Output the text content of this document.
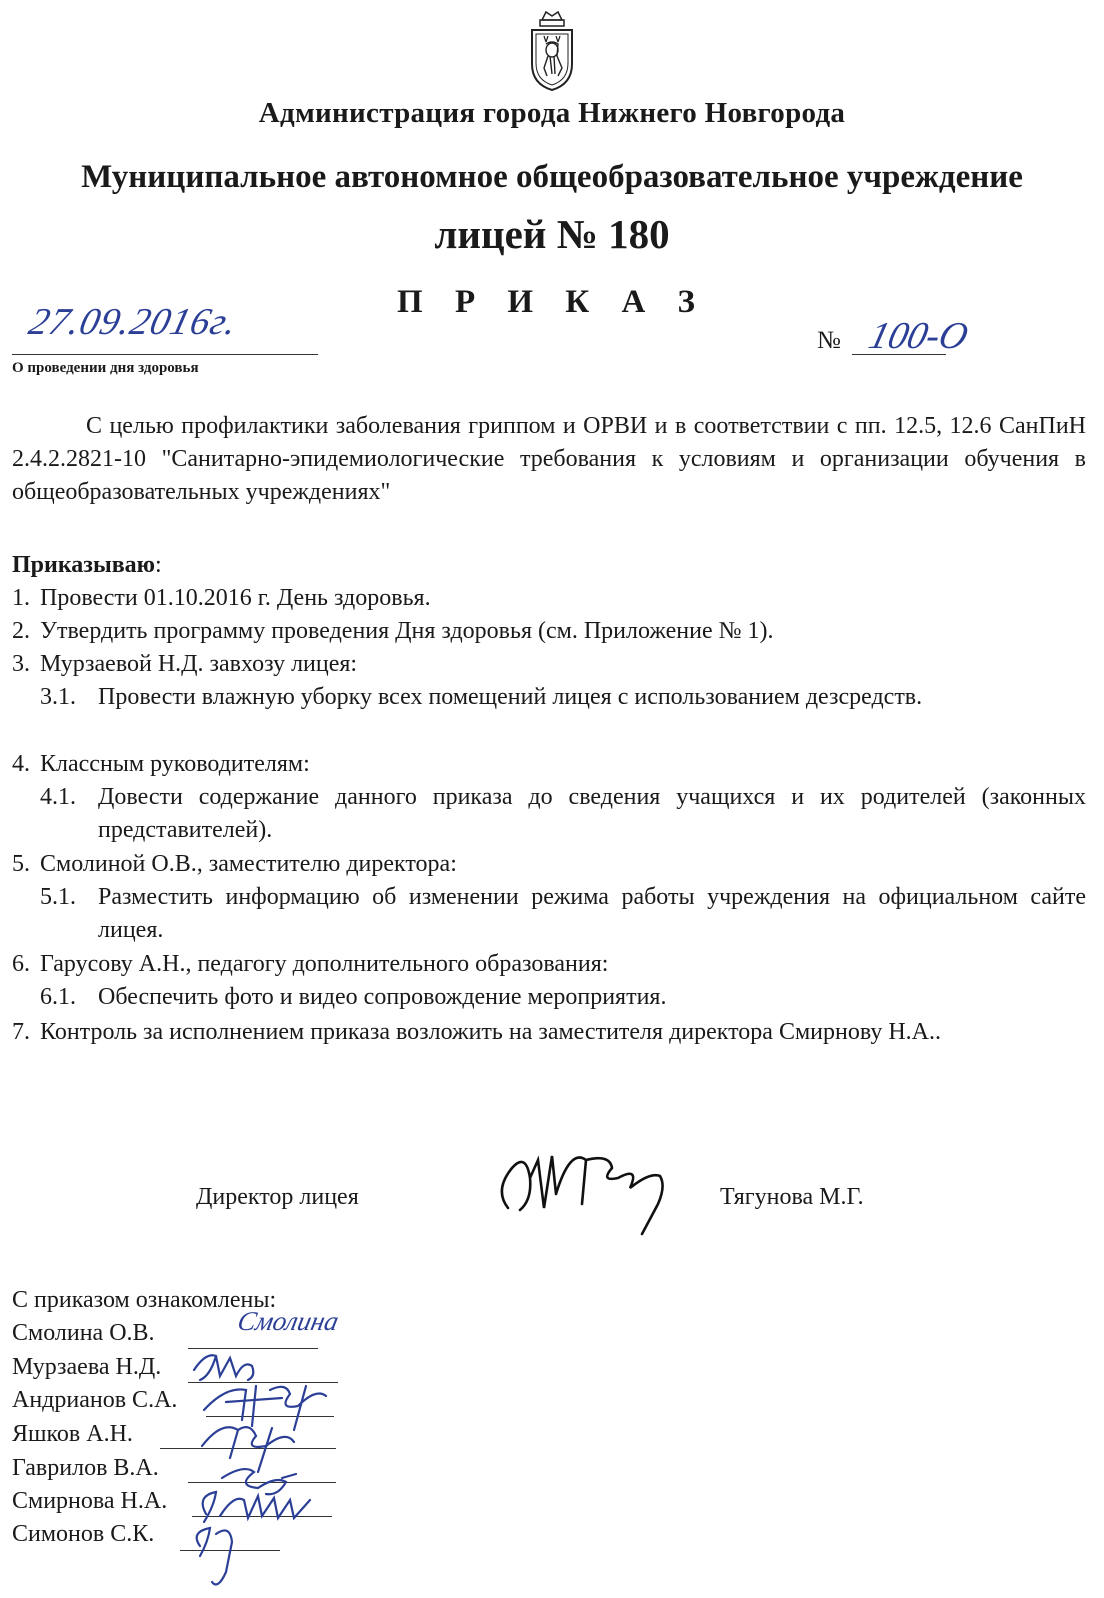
Администрация города Нижнего Новгорода
Муниципальное автономное общеобразовательное учреждение
лицей № 180
П Р И К А З
27.09.2016г.
О проведении дня здоровья
№ 100-О
С целью профилактики заболевания гриппом и ОРВИ и в соответствии с пп. 12.5, 12.6 СанПиН 2.4.2.2821-10 "Санитарно-эпидемиологические требования к условиям и организации обучения в общеобразовательных учреждениях"
Приказываю:
1. Провести 01.10.2016 г. День здоровья.
2. Утвердить программу проведения Дня здоровья (см. Приложение № 1).
3. Мурзаевой Н.Д. завхозу лицея:
3.1. Провести влажную уборку всех помещений лицея с использованием дезсредств.
4. Классным руководителям:
4.1. Довести содержание данного приказа до сведения учащихся и их родителей (законных представителей).
5. Смолиной О.В., заместителю директора:
5.1. Разместить информацию об изменении режима работы учреждения на официальном сайте лицея.
6. Гарусову А.Н., педагогу дополнительного образования:
6.1. Обеспечить фото и видео сопровождение мероприятия.
7. Контроль за исполнением приказа возложить на заместителя директора Смирнову Н.А..
Директор лицея	Тягунова М.Г.
С приказом ознакомлены:
Смолина О.В.	Смолина
Мурзаева Н.Д.
Андрианов С.А.
Яшков А.Н.
Гаврилов В.А.
Смирнова Н.А.
Симонов С.К.
